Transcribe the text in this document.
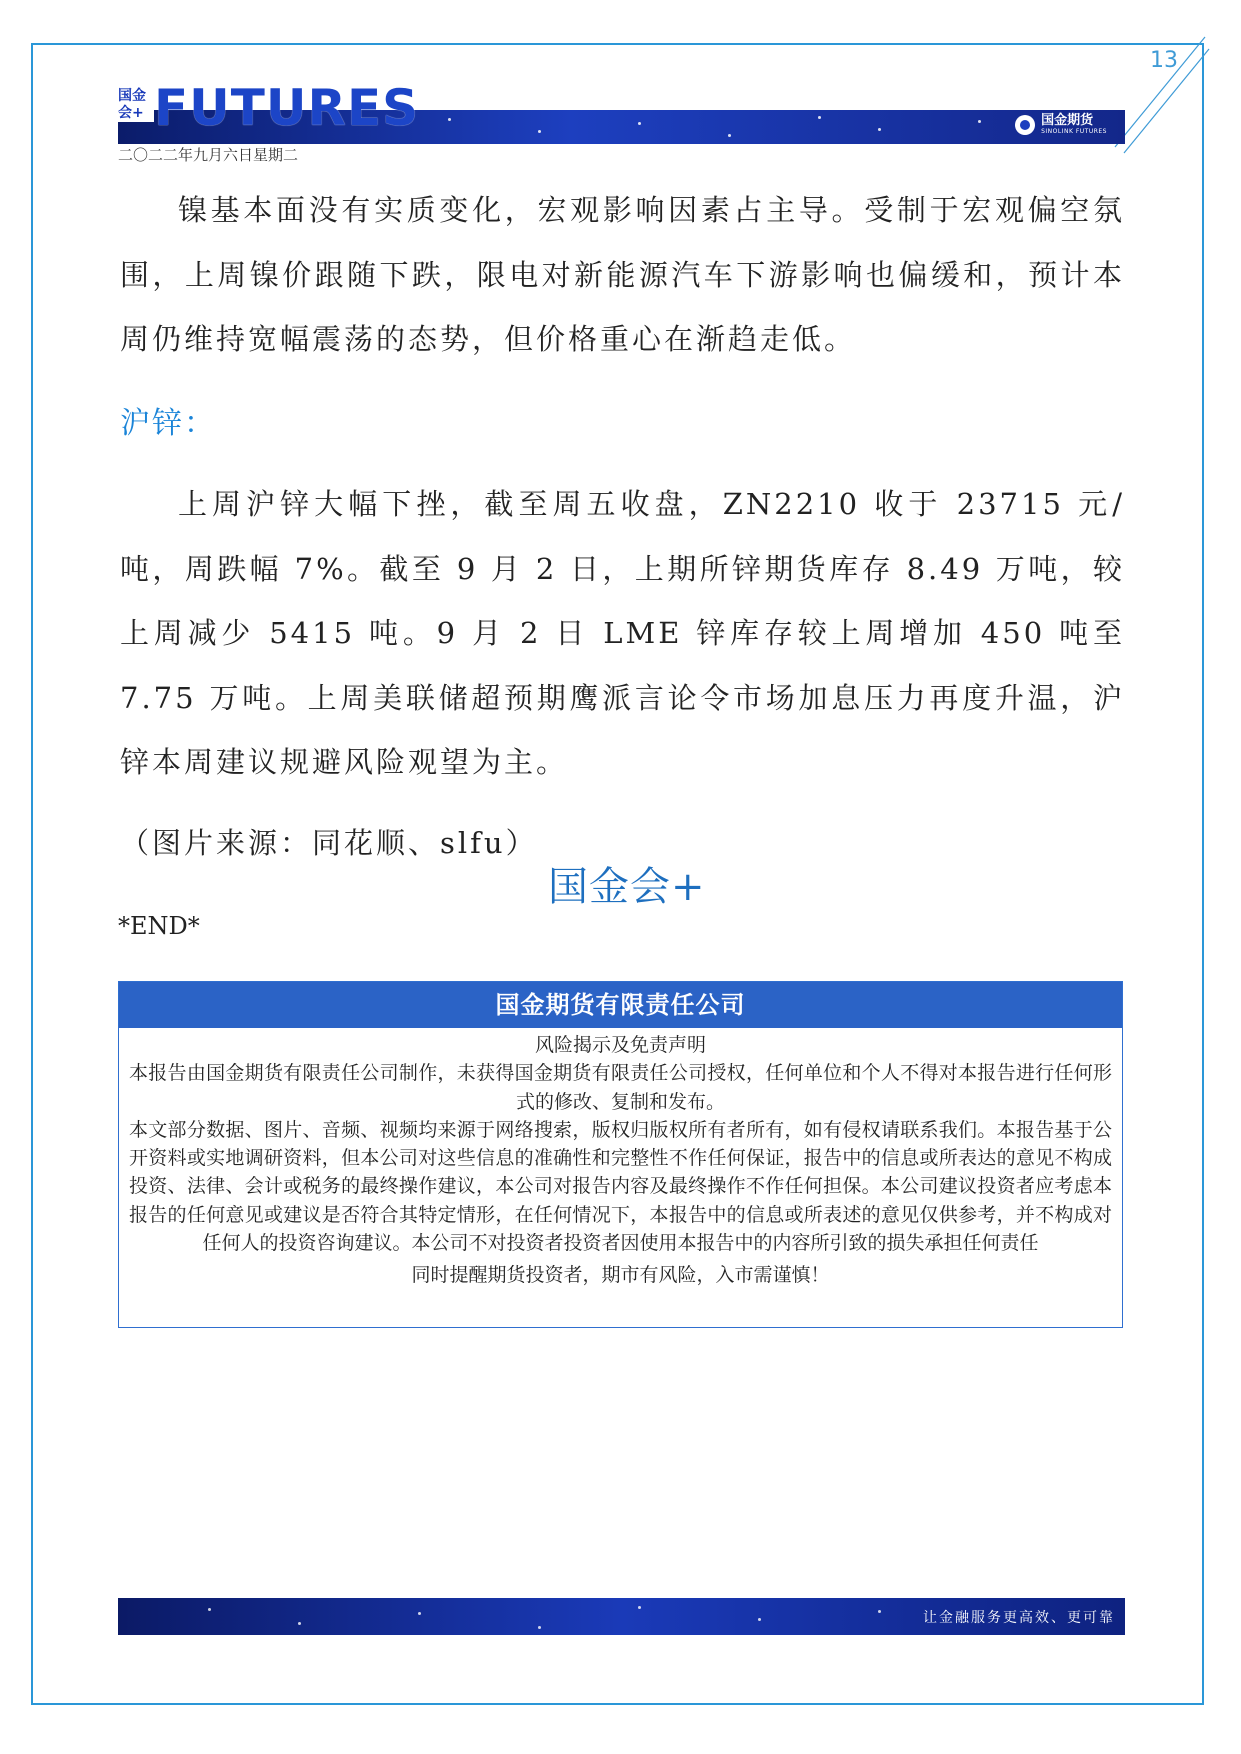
13
国金期货
SINOLINK FUTURES
国金会+ FUTURES
二〇二二年九月六日星期二
镍基本面没有实质变化，宏观影响因素占主导。受制于宏观偏空氛围，上周镍价跟随下跌，限电对新能源汽车下游影响也偏缓和，预计本周仍维持宽幅震荡的态势，但价格重心在渐趋走低。
沪锌：
上周沪锌大幅下挫，截至周五收盘，ZN2210 收于 23715 元/吨，周跌幅 7%。截至 9 月 2 日，上期所锌期货库存 8.49 万吨，较上周减少 5415 吨。9 月 2 日 LME 锌库存较上周增加 450 吨至 7.75 万吨。上周美联储超预期鹰派言论令市场加息压力再度升温，沪锌本周建议规避风险观望为主。
（图片来源：同花顺、slfu）
国金会+
*END*
国金期货有限责任公司
风险揭示及免责声明
本报告由国金期货有限责任公司制作，未获得国金期货有限责任公司授权，任何单位和个人不得对本报告进行任何形式的修改、复制和发布。
本文部分数据、图片、音频、视频均来源于网络搜索，版权归版权所有者所有，如有侵权请联系我们。本报告基于公开资料或实地调研资料，但本公司对这些信息的准确性和完整性不作任何保证，报告中的信息或所表达的意见不构成投资、法律、会计或税务的最终操作建议，本公司对报告内容及最终操作不作任何担保。本公司建议投资者应考虑本报告的任何意见或建议是否符合其特定情形，在任何情况下，本报告中的信息或所表述的意见仅供参考，并不构成对任何人的投资咨询建议。本公司不对投资者投资者因使用本报告中的内容所引致的损失承担任何责任
同时提醒期货投资者，期市有风险，入市需谨慎！
让金融服务更高效、更可靠
